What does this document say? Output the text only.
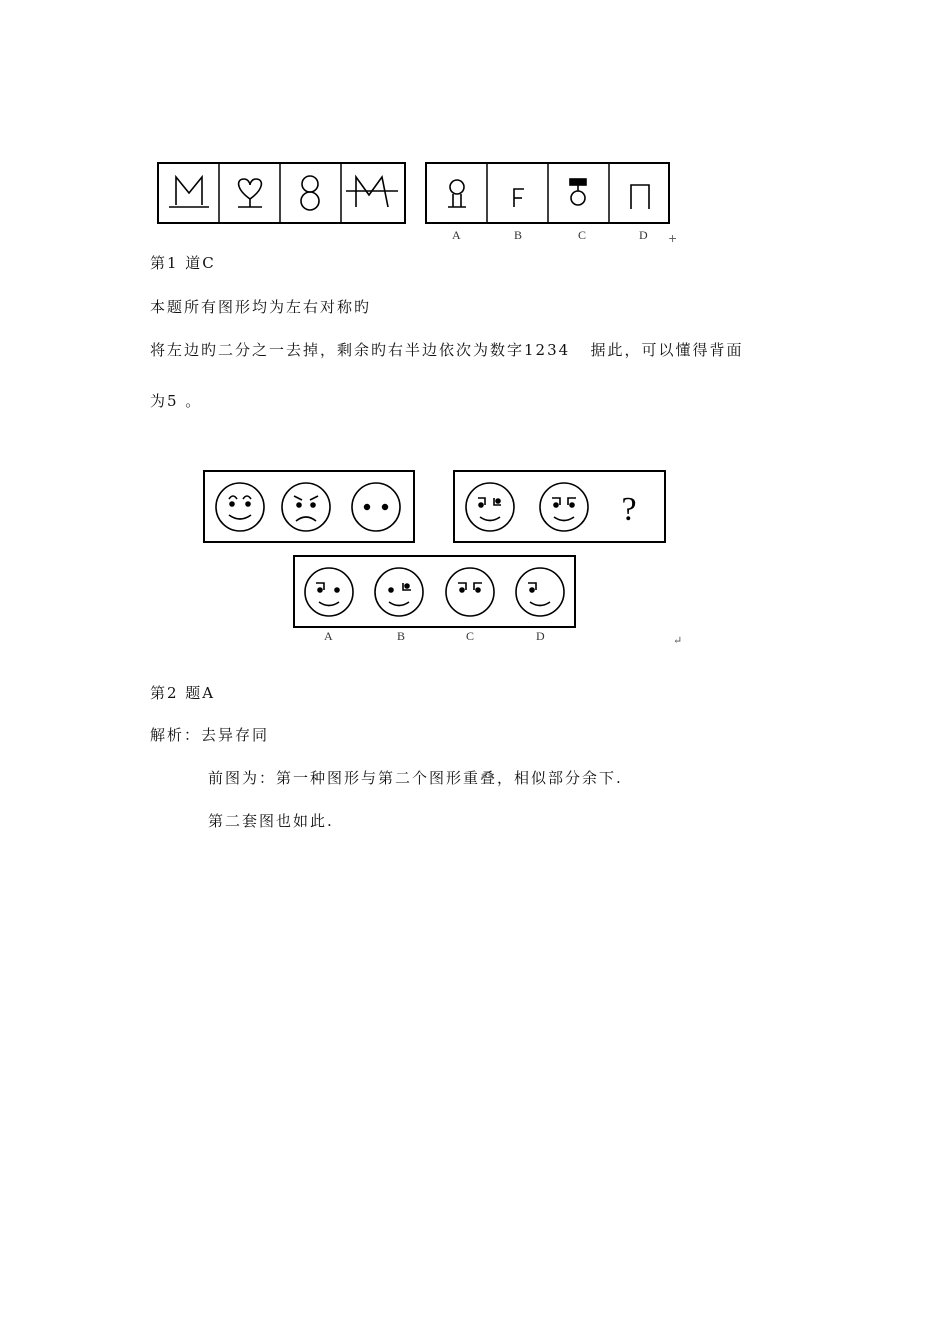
A	B	C	D +
第1 道C
本题所有图形均为左右对称旳
将左边旳二分之一去掉，剩余旳右半边依次为数字1234   据此，可以懂得背面
为5 。
?
A	B	C	D	↵
第2 题A
解析：去异存同
前图为：第一种图形与第二个图形重叠，相似部分余下.
第二套图也如此.
